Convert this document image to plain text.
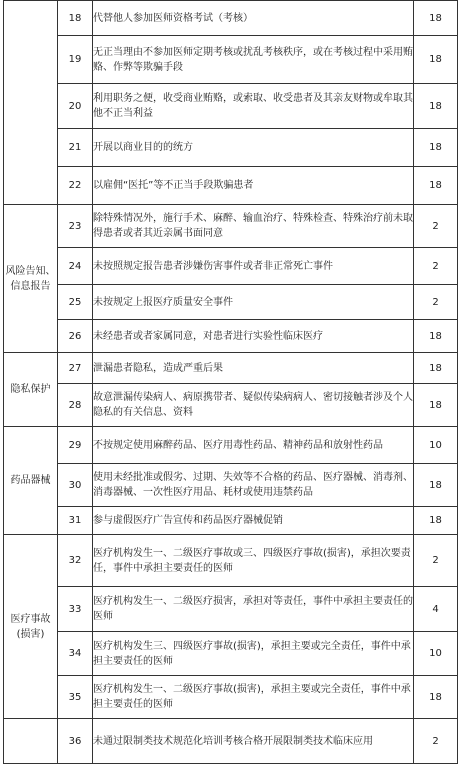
	18	代替他人参加医师资格考试（考核）	18
	19	无正当理由不参加医师定期考核或扰乱考核秩序，或在考核过程中采用贿赂、作弊等欺骗手段	18
	20	利用职务之便，收受商业贿赂，或索取、收受患者及其亲友财物或牟取其他不正当利益	18
	21	开展以商业目的的统方	18
	22	以雇佣“医托”等不正当手段欺骗患者	18
风险告知、信息报告	23	除特殊情况外，施行手术、麻醉、输血治疗、特殊检查、特殊治疗前未取得患者或者其近亲属书面同意	2
	24	未按照规定报告患者涉嫌伤害事件或者非正常死亡事件	2
	25	未按规定上报医疗质量安全事件	2
	26	未经患者或者家属同意，对患者进行实验性临床医疗	18
隐私保护	27	泄漏患者隐私，造成严重后果	18
	28	故意泄漏传染病人、病原携带者、疑似传染病病人、密切接触者涉及个人隐私的有关信息、资料	18
药品器械	29	不按规定使用麻醉药品、医疗用毒性药品、精神药品和放射性药品	10
	30	使用未经批准或假劣、过期、失效等不合格的药品、医疗器械、消毒剂、消毒器械、一次性医疗用品、耗材或使用违禁药品	18
	31	参与虚假医疗广告宣传和药品医疗器械促销	18
医疗事故(损害)	32	医疗机构发生一、二级医疗事故或三、四级医疗事故(损害)，承担次要责任，事件中承担主要责任的医师	2
	33	医疗机构发生一、二级医疗损害，承担对等责任，事件中承担主要责任的医师	4
	34	医疗机构发生三、四级医疗事故(损害)，承担主要或完全责任，事件中承担主要责任的医师	10
	35	医疗机构发生一、二级医疗事故(损害)，承担主要或完全责任，事件中承担主要责任的医师	18
	36	未通过限制类技术规范化培训考核合格开展限制类技术临床应用	2
